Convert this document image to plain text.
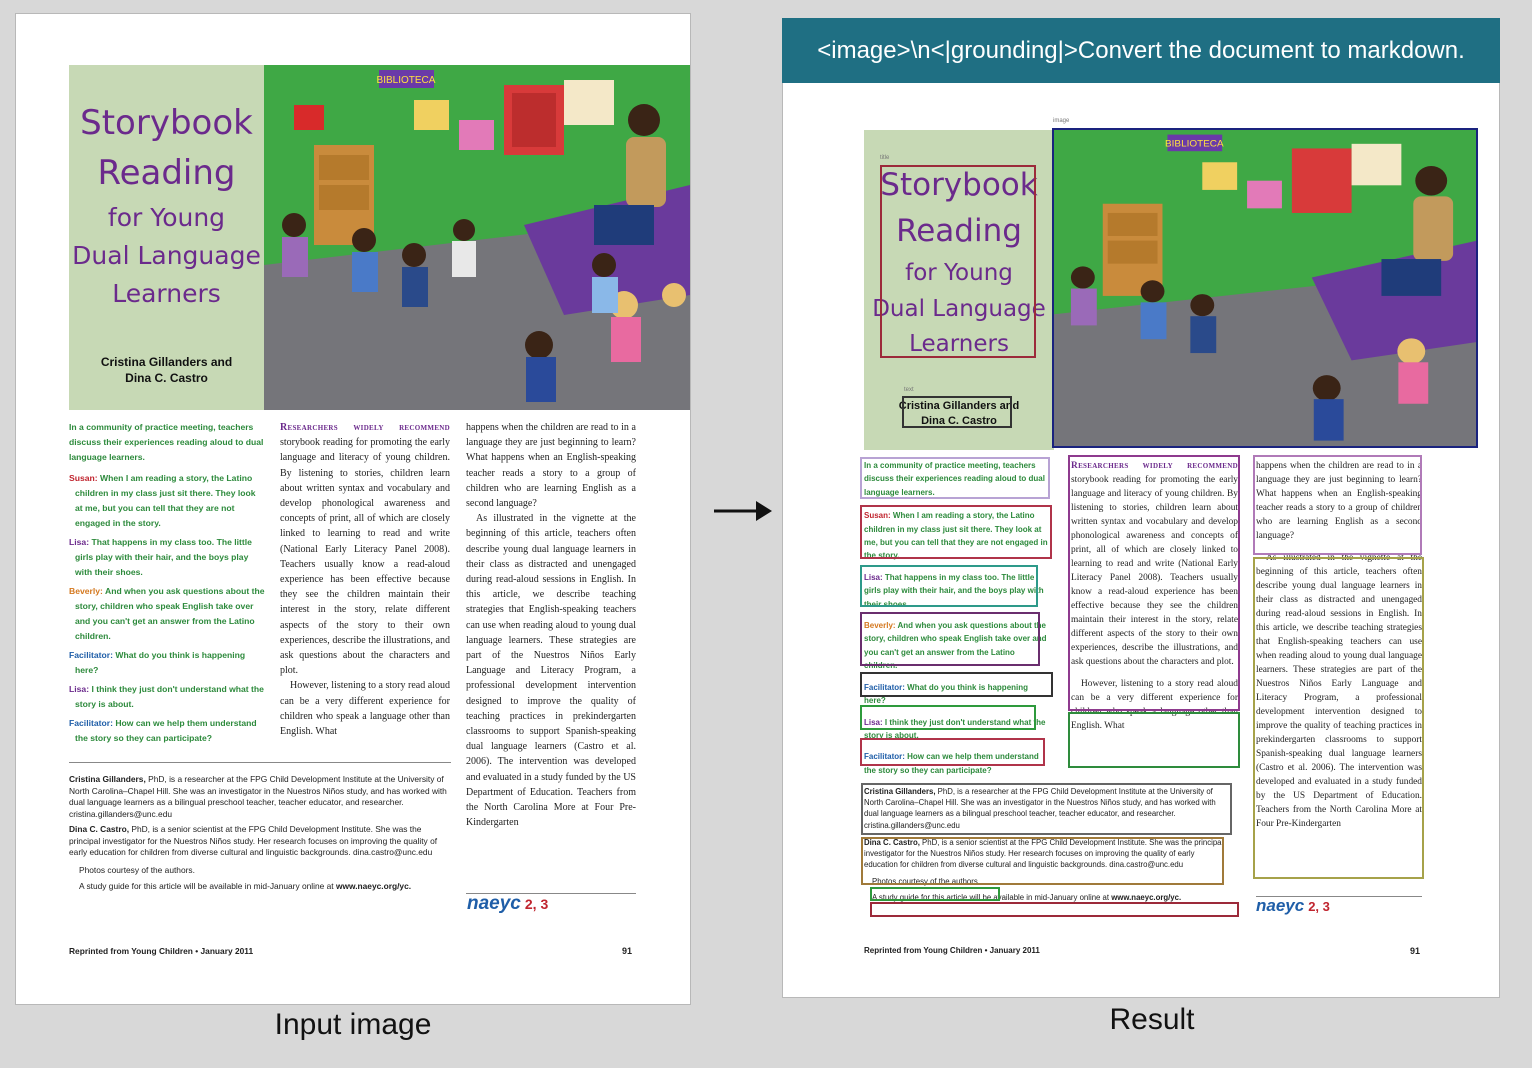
Storybook
Reading
for Young
Dual Language
Learners
Cristina Gillanders and
Dina C. Castro
BIBLIOTECA

In a community of practice meeting, teachers discuss their experiences reading aloud to dual language learners.

Susan: When I am reading a story, the Latino children in my class just sit there. They look at me, but you can tell that they are not engaged in the story.

Lisa: That happens in my class too. The little girls play with their hair, and the boys play with their shoes.

Beverly: And when you ask questions about the story, children who speak English take over and you can't get an answer from the Latino children.

Facilitator: What do you think is happening here?

Lisa: I think they just don't understand what the story is about.

Facilitator: How can we help them understand the story so they can participate?

Researchers widely recommend storybook reading for promoting the early language and literacy of young children. By listening to stories, children learn about written syntax and vocabulary and develop phonological awareness and concepts of print, all of which are closely linked to learning to read and write (National Early Literacy Panel 2008). Teachers usually know a read-aloud experience has been effective because they see the children maintain their interest in the story, relate different aspects of the story to their own experiences, describe the illustrations, and ask questions about the characters and plot.

However, listening to a story read aloud can be a very different experience for children who speak a language other than English. What

happens when the children are read to in a language they are just beginning to learn? What happens when an English-speaking teacher reads a story to a group of children who are learning English as a second language?

As illustrated in the vignette at the beginning of this article, teachers often describe young dual language learners in their class as distracted and unengaged during read-aloud sessions in English. In this article, we describe teaching strategies that English-speaking teachers can use when reading aloud to young dual language learners. These strategies are part of the Nuestros Niños Early Language and Literacy Program, a professional development intervention designed to improve the quality of teaching practices in prekindergarten classrooms to support Spanish-speaking dual language learners (Castro et al. 2006). The intervention was developed and evaluated in a study funded by the US Department of Education. Teachers from the North Carolina More at Four Pre-Kindergarten

Cristina Gillanders, PhD, is a researcher at the FPG Child Development Institute at the University of North Carolina–Chapel Hill. She was an investigator in the Nuestros Niños study, and has worked with dual language learners as a bilingual preschool teacher, teacher educator, and researcher. cristina.gillanders@unc.edu

Dina C. Castro, PhD, is a senior scientist at the FPG Child Development Institute. She was the principal investigator for the Nuestros Niños study. Her research focuses on improving the quality of early education for children from diverse cultural and linguistic backgrounds. dina.castro@unc.edu

Photos courtesy of the authors.

A study guide for this article will be available in mid-January online at www.naeyc.org/yc.

naeyc 2, 3
Reprinted from Young Children • January 2011	91
Input image
<image>\n<|grounding|>Convert the document to markdown.
Storybook
Reading
for Young
Dual Language
Learners
Cristina Gillanders and
Dina C. Castro
BIBLIOTECA

In a community of practice meeting, teachers discuss their experiences reading aloud to dual language learners.

Susan: When I am reading a story, the Latino children in my class just sit there. They look at me, but you can tell that they are not engaged in the story.

Lisa: That happens in my class too. The little girls play with their hair, and the boys play with their shoes.

Beverly: And when you ask questions about the story, children who speak English take over and you can't get an answer from the Latino children.

Facilitator: What do you think is happening here?

Lisa: I think they just don't understand what the story is about.

Facilitator: How can we help them understand the story so they can participate?

Researchers widely recommend storybook reading for promoting the early language and literacy of young children. By listening to stories, children learn about written syntax and vocabulary and develop phonological awareness and concepts of print, all of which are closely linked to learning to read and write (National Early Literacy Panel 2008). Teachers usually know a read-aloud experience has been effective because they see the children maintain their interest in the story, relate different aspects of the story to their own experiences, describe the illustrations, and ask questions about the characters and plot.

However, listening to a story read aloud can be a very different experience for children who speak a language other than English. What

happens when the children are read to in a language they are just beginning to learn? What happens when an English-speaking teacher reads a story to a group of children who are learning English as a second language?

As illustrated in the vignette at the beginning of this article, teachers often describe young dual language learners in their class as distracted and unengaged during read-aloud sessions in English. In this article, we describe teaching strategies that English-speaking teachers can use when reading aloud to young dual language learners. These strategies are part of the Nuestros Niños Early Language and Literacy Program, a professional development intervention designed to improve the quality of teaching practices in prekindergarten classrooms to support Spanish-speaking dual language learners (Castro et al. 2006). The intervention was developed and evaluated in a study funded by the US Department of Education. Teachers from the North Carolina More at Four Pre-Kindergarten

Cristina Gillanders, PhD, is a researcher at the FPG Child Development Institute at the University of North Carolina–Chapel Hill. She was an investigator in the Nuestros Niños study, and has worked with dual language learners as a bilingual preschool teacher, teacher educator, and researcher. cristina.gillanders@unc.edu

Dina C. Castro, PhD, is a senior scientist at the FPG Child Development Institute. She was the principal investigator for the Nuestros Niños study. Her research focuses on improving the quality of early education for children from diverse cultural and linguistic backgrounds. dina.castro@unc.edu

Photos courtesy of the authors.

A study guide for this article will be available in mid-January online at www.naeyc.org/yc.	naeyc 2, 3
Reprinted from Young Children • January 2011	91
image
title
text
Result
